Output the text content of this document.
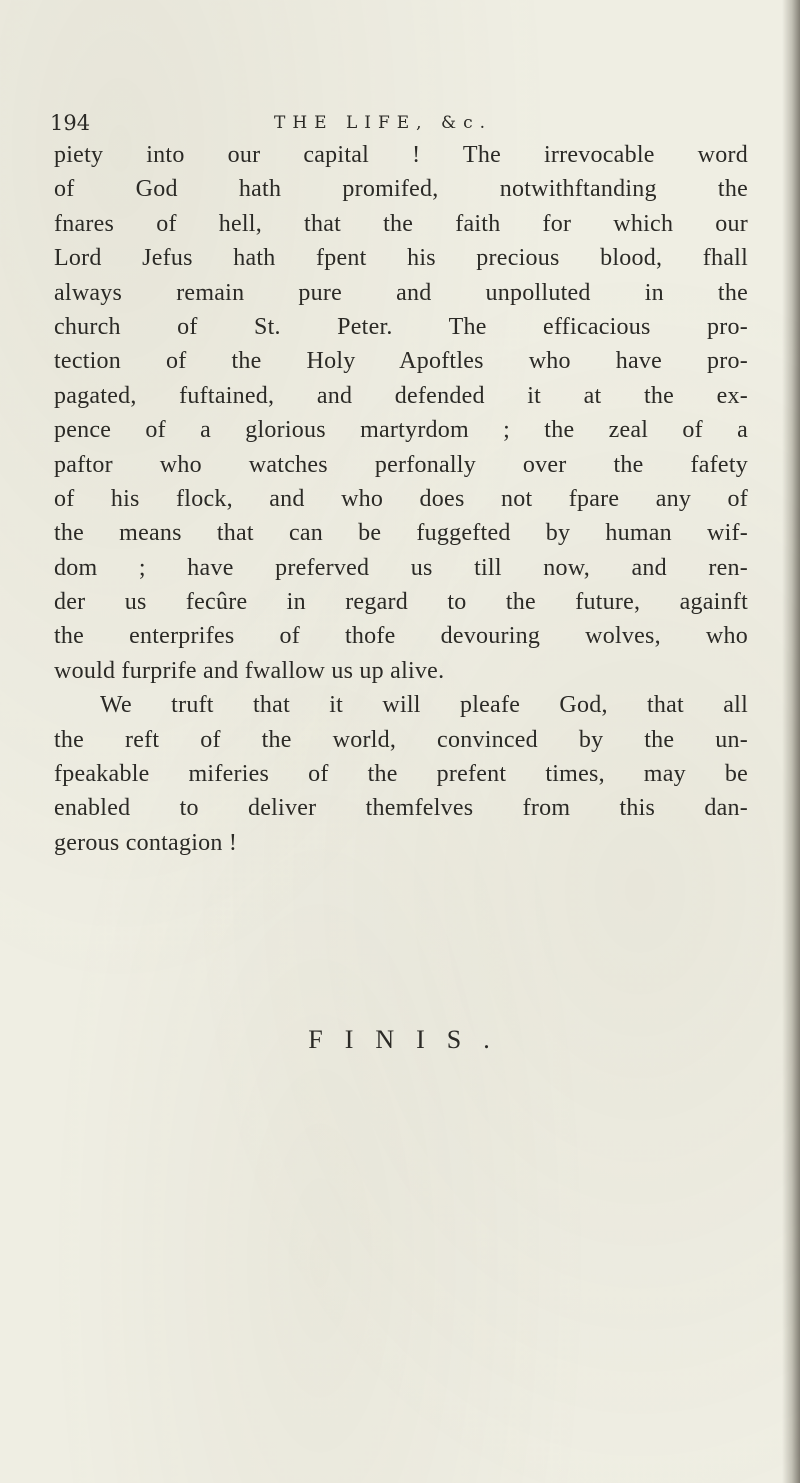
194	THE LIFE, &c.
piety into our capital ! The irrevocable word
of God hath promifed, notwithftanding the
fnares of hell, that the faith for which our
Lord Jefus hath fpent his precious blood, fhall
always remain pure and unpolluted in the
church of St. Peter. The efficacious pro-
tection of the Holy Apoftles who have pro-
pagated, fuftained, and defended it at the ex-
pence of a glorious martyrdom ; the zeal of a
paftor who watches perfonally over the fafety
of his flock, and who does not fpare any of
the means that can be fuggefted by human wif-
dom ; have preferved us till now, and ren-
der us fecûre in regard to the future, againft
the enterprifes of thofe devouring wolves, who
would furprife and fwallow us up alive.
We truft that it will pleafe God, that all
the reft of the world, convinced by the un-
fpeakable miferies of the prefent times, may be
enabled to deliver themfelves from this dan-
gerous contagion !
FINIS.
